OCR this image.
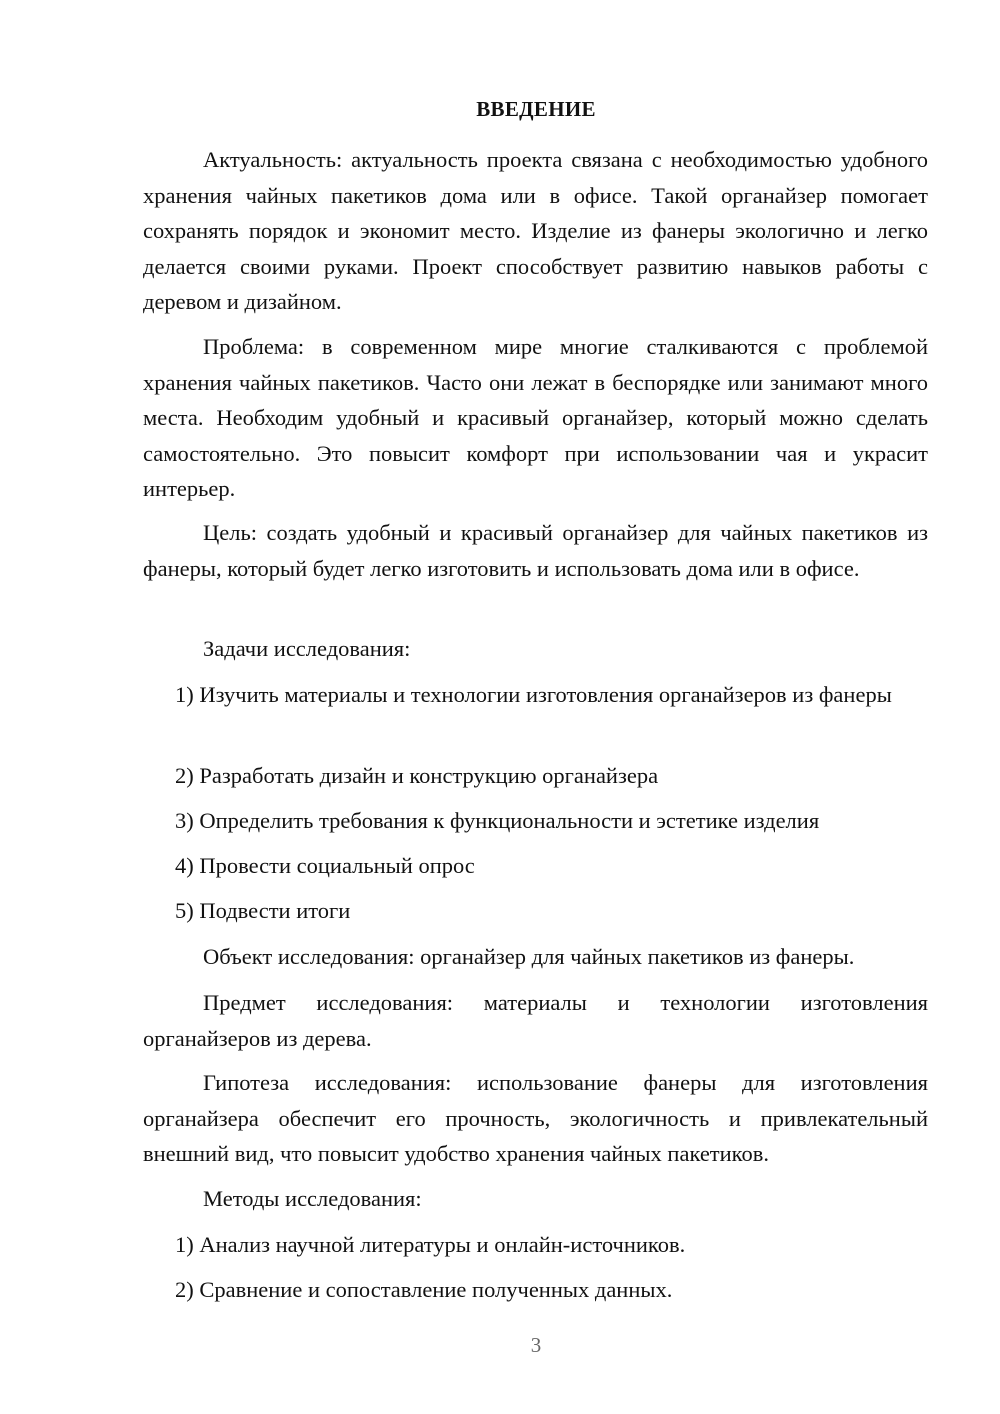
ВВЕДЕНИЕ

Актуальность: актуальность проекта связана с необходимостью удобного хранения чайных пакетиков дома или в офисе. Такой органайзер помогает сохранять порядок и экономит место. Изделие из фанеры экологично и легко делается своими руками. Проект способствует развитию навыков работы с деревом и дизайном.

Проблема: в современном мире многие сталкиваются с проблемой хранения чайных пакетиков. Часто они лежат в беспорядке или занимают много места. Необходим удобный и красивый органайзер, который можно сделать самостоятельно. Это повысит комфорт при использовании чая и украсит интерьер.

Цель: создать удобный и красивый органайзер для чайных пакетиков из фанеры, который будет легко изготовить и использовать дома или в офисе.

Задачи исследования:

1) Изучить материалы и технологии изготовления органайзеров из фанеры

2) Разработать дизайн и конструкцию органайзера

3) Определить требования к функциональности и эстетике изделия

4) Провести социальный опрос

5) Подвести итоги

Объект исследования: органайзер для чайных пакетиков из фанеры.

Предмет исследования: материалы и технологии изготовления органайзеров из дерева.

Гипотеза исследования: использование фанеры для изготовления органайзера обеспечит его прочность, экологичность и привлекательный внешний вид, что повысит удобство хранения чайных пакетиков.

Методы исследования:

1) Анализ научной литературы и онлайн-источников.

2) Сравнение и сопоставление полученных данных.

3
